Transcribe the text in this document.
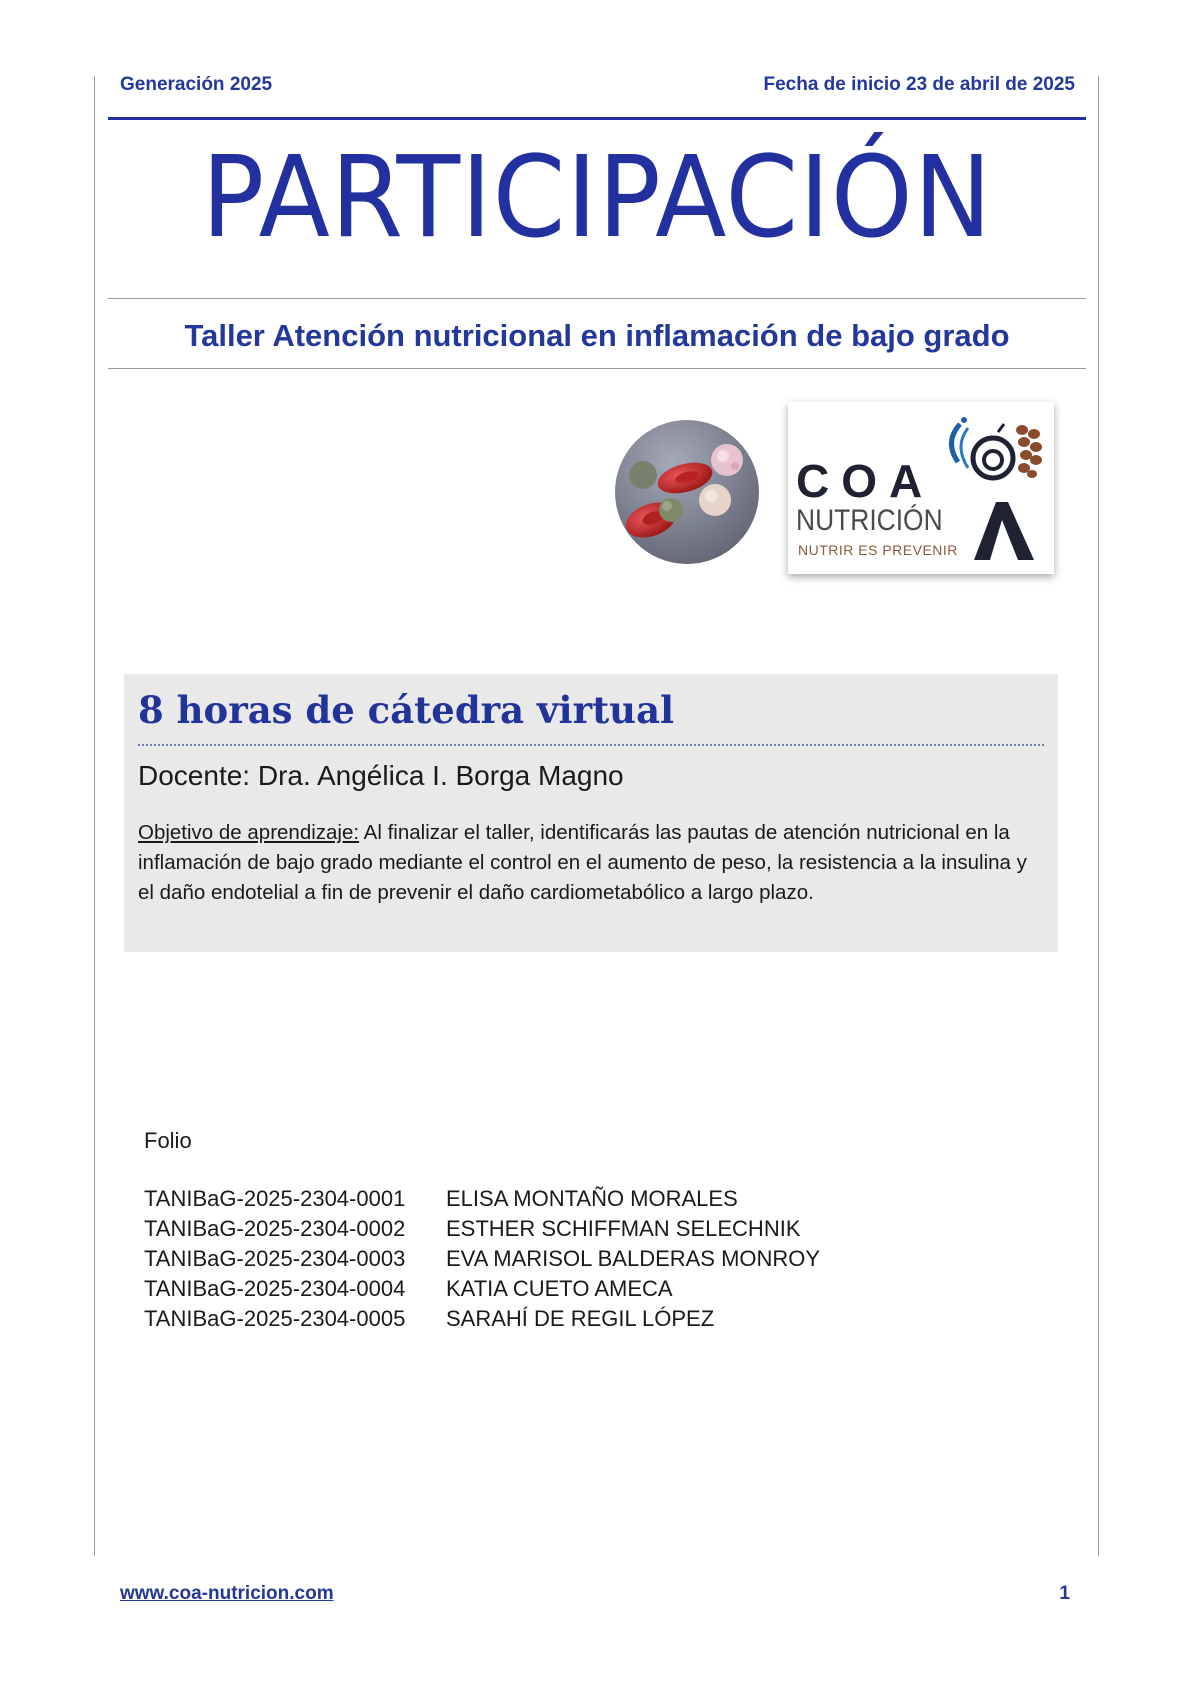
Generación 2025	Fecha de inicio 23 de abril de 2025
PARTICIPACIÓN
Taller Atención nutricional en inflamación de bajo grado
COA
NUTRICIÓN
NUTRIR ES PREVENIR
8 horas de cátedra virtual
Docente: Dra. Angélica I. Borga Magno
Objetivo de aprendizaje: Al finalizar el taller, identificarás las pautas de atención nutricional en la inflamación de bajo grado mediante el control en el aumento de peso, la resistencia a la insulina y el daño endotelial a fin de prevenir el daño cardiometabólico a largo plazo.
Folio
TANIBaG-2025-2304-0001	ELISA MONTAÑO MORALES
TANIBaG-2025-2304-0002	ESTHER SCHIFFMAN SELECHNIK
TANIBaG-2025-2304-0003	EVA MARISOL BALDERAS MONROY
TANIBaG-2025-2304-0004	KATIA CUETO AMECA
TANIBaG-2025-2304-0005	SARAHÍ DE REGIL LÓPEZ
www.coa-nutricion.com	1
